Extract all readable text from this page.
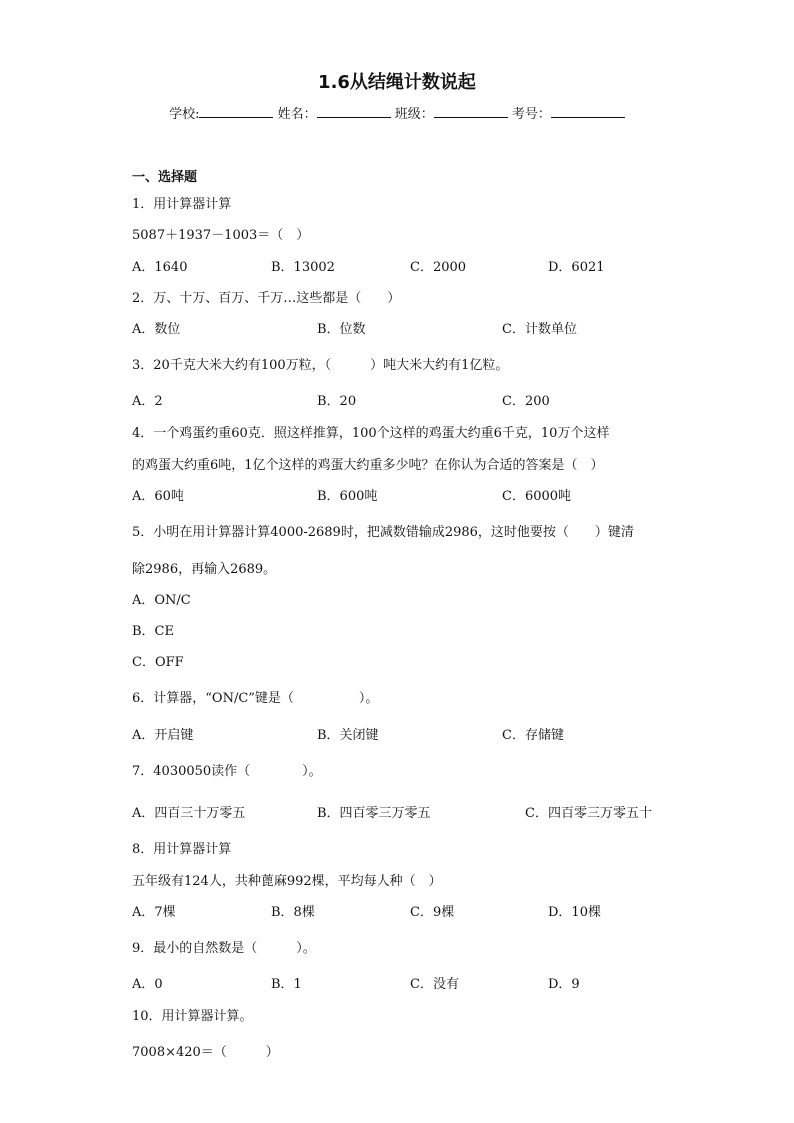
1.6从结绳计数说起
学校:	姓名：	班级：	考号：
一、选择题
1．用计算器计算
5087＋1937－1003＝（　）
A．1640	B．13002	C．2000	D．6021
2．万、十万、百万、千万…这些都是（　　）
A．数位	B．位数	C．计数单位
3．20千克大米大约有100万粒，（　　　）吨大米大约有1亿粒。
A．2	B．20	C．200
4．一个鸡蛋约重60克．照这样推算，100个这样的鸡蛋大约重6千克，10万个这样
的鸡蛋大约重6吨，1亿个这样的鸡蛋大约重多少吨？在你认为合适的答案是（　）
A．60吨	B．600吨	C．6000吨
5．小明在用计算器计算4000-2689时，把减数错输成2986，这时他要按（　　）键清
除2986，再输入2689。
A．ON/C
B．CE
C．OFF
6．计算器，“ON/C”键是（　　　　　）。
A．开启键	B．关闭键	C．存储键
7．4030050读作（　　　　）。
A．四百三十万零五	B．四百零三万零五	C．四百零三万零五十
8．用计算器计算
五年级有124人，共种蓖麻992棵，平均每人种（　）
A．7棵	B．8棵	C．9棵	D．10棵
9．最小的自然数是（　　　）。
A．0	B．1	C．没有	D．9
10．用计算器计算。
7008×420＝（　　　）
